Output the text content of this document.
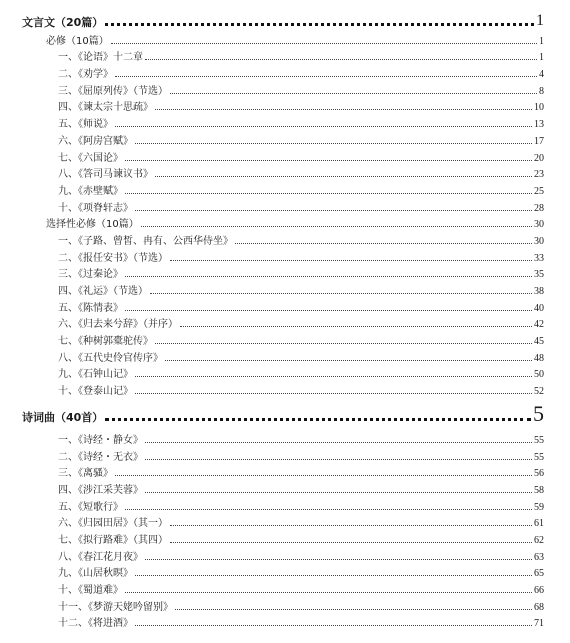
文言文（20篇）	1
必修（10篇）	1
一、《论语》十二章	1
二、《劝学》	4
三、《屈原列传》（节选）	8
四、《谏太宗十思疏》	10
五、《师说》	13
六、《阿房宫赋》	17
七、《六国论》	20
八、《答司马谏议书》	23
九、《赤壁赋》	25
十、《项脊轩志》	28
选择性必修（10篇）	30
一、《子路、曾皙、冉有、公西华侍坐》	30
二、《报任安书》（节选）	33
三、《过秦论》	35
四、《礼运》（节选）	38
五、《陈情表》	40
六、《归去来兮辞》（并序）	42
七、《种树郭橐驼传》	45
八、《五代史伶官传序》	48
九、《石钟山记》	50
十、《登泰山记》	52
诗词曲（40首）	5
一、《诗经・静女》	55
二、《诗经・无衣》	55
三、《离骚》	56
四、《涉江采芙蓉》	58
五、《短歌行》	59
六、《归园田居》（其一）	61
七、《拟行路难》（其四）	62
八、《春江花月夜》	63
九、《山居秋暝》	65
十、《蜀道难》	66
十一、《梦游天姥吟留别》	68
十二、《将进酒》	71
